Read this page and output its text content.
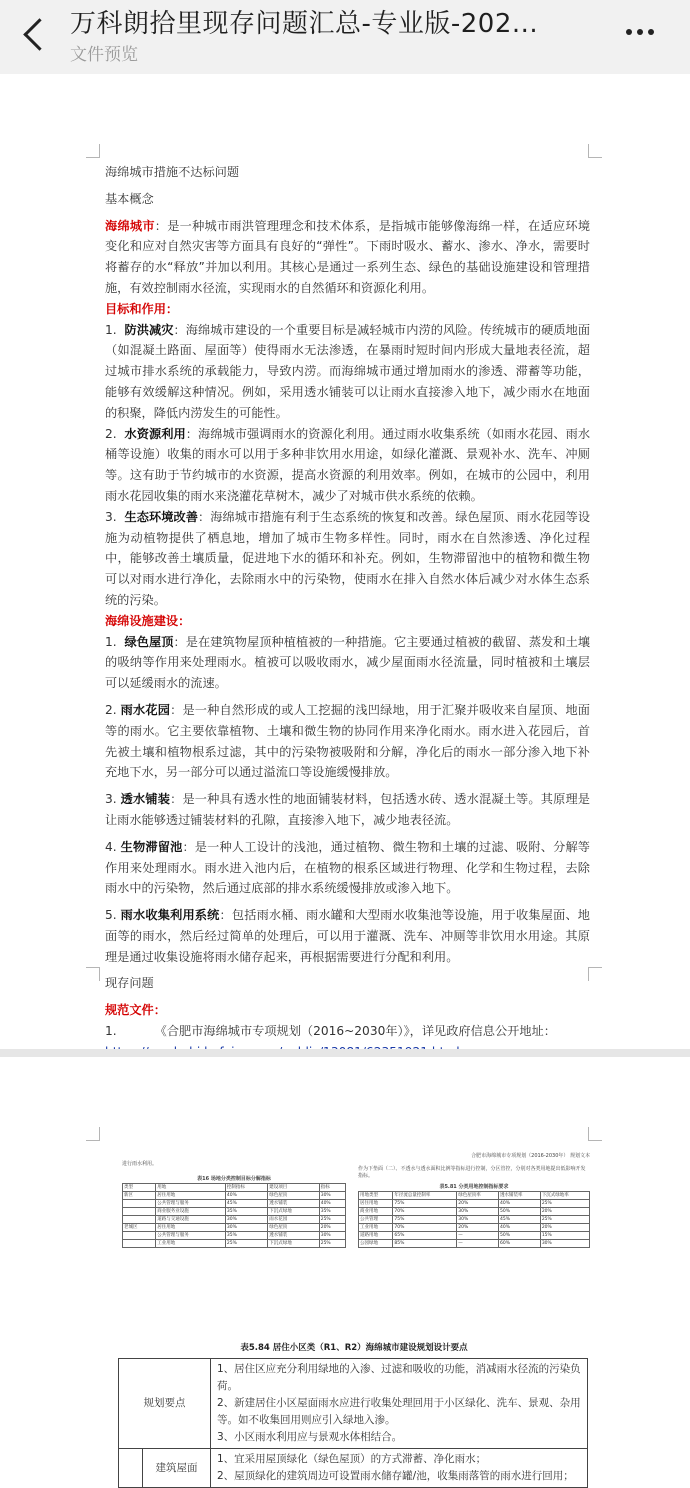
万科朗拾里现存问题汇总-专业版-202...
文件预览

海绵城市措施不达标问题

基本概念

海绵城市：是一种城市雨洪管理理念和技术体系，是指城市能够像海绵一样，在适应环境变化和应对自然灾害等方面具有良好的“弹性”。下雨时吸水、蓄水、渗水、净水，需要时将蓄存的水“释放”并加以利用。其核心是通过一系列生态、绿色的基础设施建设和管理措施，有效控制雨水径流，实现雨水的自然循环和资源化利用。

目标和作用：

1.  防洪减灾：海绵城市建设的一个重要目标是减轻城市内涝的风险。传统城市的硬质地面（如混凝土路面、屋面等）使得雨水无法渗透，在暴雨时短时间内形成大量地表径流，超过城市排水系统的承载能力，导致内涝。而海绵城市通过增加雨水的渗透、滞蓄等功能，能够有效缓解这种情况。例如，采用透水铺装可以让雨水直接渗入地下，减少雨水在地面的积聚，降低内涝发生的可能性。

2.  水资源利用：海绵城市强调雨水的资源化利用。通过雨水收集系统（如雨水花园、雨水桶等设施）收集的雨水可以用于多种非饮用水用途，如绿化灌溉、景观补水、洗车、冲厕等。这有助于节约城市的水资源，提高水资源的利用效率。例如，在城市的公园中，利用雨水花园收集的雨水来浇灌花草树木，减少了对城市供水系统的依赖。

3.  生态环境改善：海绵城市措施有利于生态系统的恢复和改善。绿色屋顶、雨水花园等设施为动植物提供了栖息地，增加了城市生物多样性。同时，雨水在自然渗透、净化过程中，能够改善土壤质量，促进地下水的循环和补充。例如，生物滞留池中的植物和微生物可以对雨水进行净化，去除雨水中的污染物，使雨水在排入自然水体后减少对水体生态系统的污染。

海绵设施建设：

1.  绿色屋顶：是在建筑物屋顶种植植被的一种措施。它主要通过植被的截留、蒸发和土壤的吸纳等作用来处理雨水。植被可以吸收雨水，减少屋面雨水径流量，同时植被和土壤层可以延缓雨水的流速。

2. 雨水花园：是一种自然形成的或人工挖掘的浅凹绿地，用于汇聚并吸收来自屋顶、地面等的雨水。它主要依靠植物、土壤和微生物的协同作用来净化雨水。雨水进入花园后，首先被土壤和植物根系过滤，其中的污染物被吸附和分解，净化后的雨水一部分渗入地下补充地下水，另一部分可以通过溢流口等设施缓慢排放。

3. 透水铺装：是一种具有透水性的地面铺装材料，包括透水砖、透水混凝土等。其原理是让雨水能够透过铺装材料的孔隙，直接渗入地下，减少地表径流。

4. 生物滞留池：是一种人工设计的浅池，通过植物、微生物和土壤的过滤、吸附、分解等作用来处理雨水。雨水进入池内后，在植物的根系区域进行物理、化学和生物过程，去除雨水中的污染物，然后通过底部的排水系统缓慢排放或渗入地下。

5. 雨水收集利用系统：包括雨水桶、雨水罐和大型雨水收集池等设施，用于收集屋面、地面等的雨水，然后经过简单的处理后，可以用于灌溉、洗车、冲厕等非饮用水用途。其原理是通过收集设施将雨水储存起来，再根据需要进行分配和利用。

现存问题

规范文件：

1.	《合肥市海绵城市专项规划（2016~2030年）》，详见政府信息公开地址：

进行雨水利用。
表16 场地分类控制目标分解指标
类型	用地	控制指标	建设项目	指标
新区	居住用地	40%	绿色屋顶	30%
	公共管理与服务	45%	透水铺装	40%
	商业服务业设施	35%	下沉式绿地	35%
	道路与交通设施	30%	雨水花园	25%
老城区	居住用地	30%	绿色屋顶	20%
	公共管理与服务	35%	透水铺装	30%
	工业用地	25%	下沉式绿地	25%
合肥市海绵城市专项规划（2016-2030年） 规划文本
作为下垫面（二）、不透水与透水面积比例等指标进行控制，分区管控，分别对各类用地提出低影响开发指标。
表5.81 分类用地控制指标要求
用地类型	年径流总量控制率	绿色屋顶率	透水铺装率	下沉式绿地率
居住用地	75%	20%	40%	25%
商业用地	70%	30%	50%	20%
公共管理	75%	30%	45%	25%
工业用地	70%	20%	40%	20%
道路用地	65%	—	50%	15%
公园绿地	85%	—	60%	30%
表5.84 居住小区类（R1、R2）海绵城市建设规划设计要点
规划要点		1、居住区应充分利用绿地的入渗、过滤和吸收的功能，消减雨水径流的污染负荷。
2、新建居住小区屋面雨水应进行收集处理回用于小区绿化、洗车、景观、杂用等。如不收集回用则应引入绿地入渗。
3、小区雨水利用应与景观水体相结合。

	建筑屋面	1、宜采用屋顶绿化（绿色屋顶）的方式滞蓄、净化雨水；
2、屋顶绿化的建筑周边可设置雨水储存罐/池，收集雨落管的雨水进行回用；
